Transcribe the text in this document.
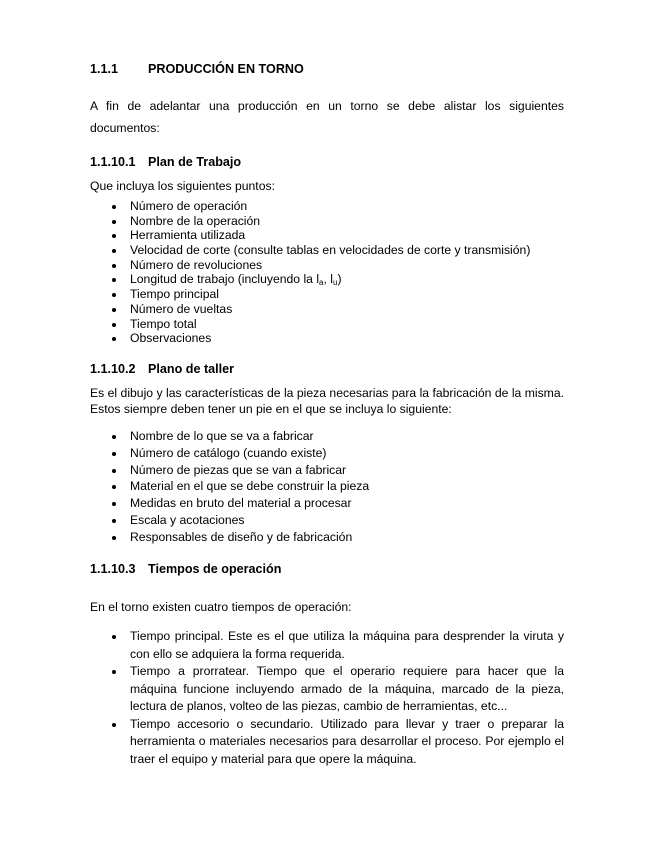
1.1.1 PRODUCCIÓN EN TORNO
A fin de adelantar una producción en un torno se debe alistar los siguientes documentos:
1.1.10.1 Plan de Trabajo
Que incluya los siguientes puntos:
Número de operación
Nombre de la operación
Herramienta utilizada
Velocidad de corte (consulte tablas en velocidades de corte y transmisión)
Número de revoluciones
Longitud de trabajo (incluyendo la $l_a$, $l_u$)
Tiempo principal
Número de vueltas
Tiempo total
Observaciones
1.1.10.2 Plano de taller
Es el dibujo y las características de la pieza necesarias para la fabricación de la misma. Estos siempre deben tener un pie en el que se incluya lo siguiente:
Nombre de lo que se va a fabricar
Número de catálogo (cuando existe)
Número de piezas que se van a fabricar
Material en el que se debe construir la pieza
Medidas en bruto del material a procesar
Escala y acotaciones
Responsables de diseño y de fabricación
1.1.10.3 Tiempos de operación
En el torno existen cuatro tiempos de operación:
Tiempo principal. Este es el que utiliza la máquina para desprender la viruta y con ello se adquiera la forma requerida.
Tiempo a prorratear. Tiempo que el operario requiere para hacer que la máquina funcione incluyendo armado de la máquina, marcado de la pieza, lectura de planos, volteo de las piezas, cambio de herramientas, etc...
Tiempo accesorio o secundario. Utilizado para llevar y traer o preparar la herramienta o materiales necesarios para desarrollar el proceso. Por ejemplo el traer el equipo y material para que opere la máquina.
